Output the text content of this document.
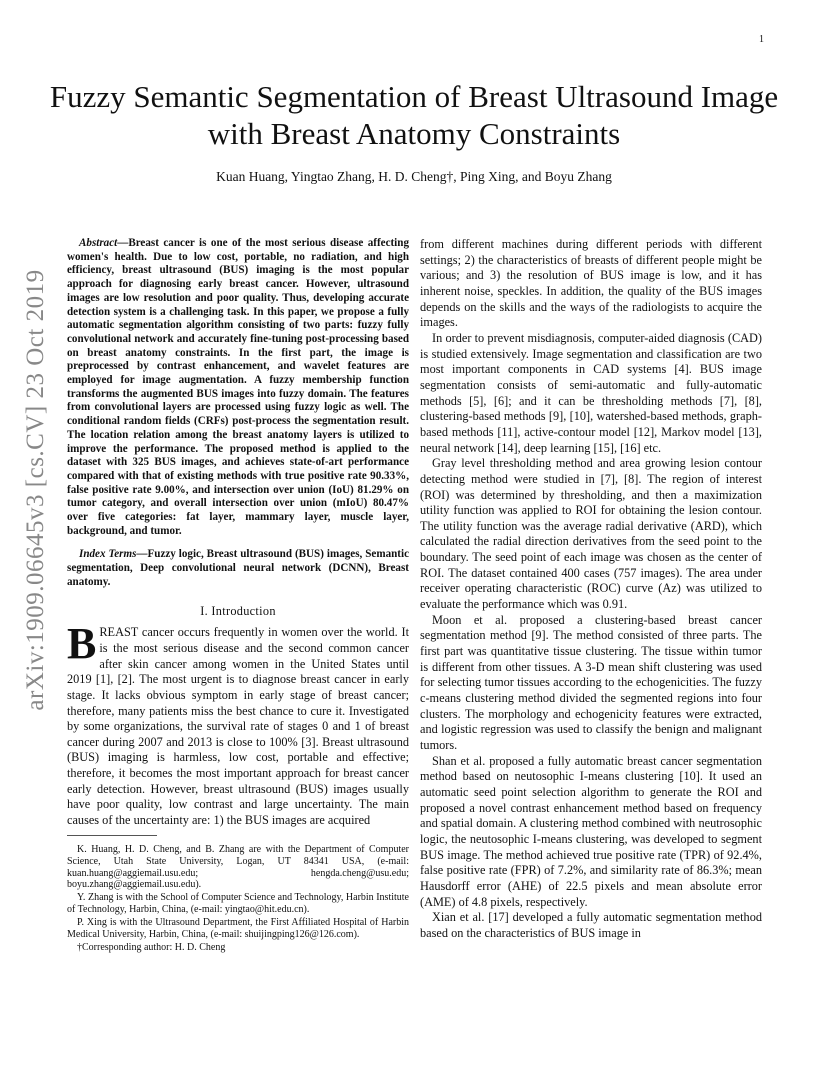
1
arXiv:1909.06645v3 [cs.CV] 23 Oct 2019
Fuzzy Semantic Segmentation of Breast Ultrasound Image with Breast Anatomy Constraints
Kuan Huang, Yingtao Zhang, H. D. Cheng†, Ping Xing, and Boyu Zhang

Abstract—Breast cancer is one of the most serious disease affecting women's health. Due to low cost, portable, no radiation, and high efficiency, breast ultrasound (BUS) imaging is the most popular approach for diagnosing early breast cancer. However, ultrasound images are low resolution and poor quality. Thus, developing accurate detection system is a challenging task. In this paper, we propose a fully automatic segmentation algorithm consisting of two parts: fuzzy fully convolutional network and accurately fine-tuning post-processing based on breast anatomy constraints. In the first part, the image is preprocessed by contrast enhancement, and wavelet features are employed for image augmentation. A fuzzy membership function transforms the augmented BUS images into fuzzy domain. The features from convolutional layers are processed using fuzzy logic as well. The conditional random fields (CRFs) post-process the segmentation result. The location relation among the breast anatomy layers is utilized to improve the performance. The proposed method is applied to the dataset with 325 BUS images, and achieves state-of-art performance compared with that of existing methods with true positive rate 90.33%, false positive rate 9.00%, and intersection over union (IoU) 81.29% on tumor category, and overall intersection over union (mIoU) 80.47% over five categories: fat layer, mammary layer, muscle layer, background, and tumor.

Index Terms—Fuzzy logic, Breast ultrasound (BUS) images, Semantic segmentation, Deep convolutional neural network (DCNN), Breast anatomy.

I. Introduction

BREAST cancer occurs frequently in women over the world. It is the most serious disease and the second common cancer after skin cancer among women in the United States until 2019 [1], [2]. The most urgent is to diagnose breast cancer in early stage. It lacks obvious symptom in early stage of breast cancer; therefore, many patients miss the best chance to cure it. Investigated by some organizations, the survival rate of stages 0 and 1 of breast cancer during 2007 and 2013 is close to 100% [3]. Breast ultrasound (BUS) imaging is harmless, low cost, portable and effective; therefore, it becomes the most important approach for breast cancer early detection. However, breast ultrasound (BUS) images usually have poor quality, low contrast and large uncertainty. The main causes of the uncertainty are: 1) the BUS images are acquired

K. Huang, H. D. Cheng, and B. Zhang are with the Department of Computer Science, Utah State University, Logan, UT 84341 USA, (e-mail: kuan.huang@aggiemail.usu.edu; hengda.cheng@usu.edu; boyu.zhang@aggiemail.usu.edu).

Y. Zhang is with the School of Computer Science and Technology, Harbin Institute of Technology, Harbin, China, (e-mail: yingtao@hit.edu.cn).

P. Xing is with the Ultrasound Department, the First Affiliated Hospital of Harbin Medical University, Harbin, China, (e-mail: shuijingping126@126.com).

†Corresponding author: H. D. Cheng

from different machines during different periods with different settings; 2) the characteristics of breasts of different people might be various; and 3) the resolution of BUS image is low, and it has inherent noise, speckles. In addition, the quality of the BUS images depends on the skills and the ways of the radiologists to acquire the images.

In order to prevent misdiagnosis, computer-aided diagnosis (CAD) is studied extensively. Image segmentation and classification are two most important components in CAD systems [4]. BUS image segmentation consists of semi-automatic and fully-automatic methods [5], [6]; and it can be thresholding methods [7], [8], clustering-based methods [9], [10], watershed-based methods, graph-based methods [11], active-contour model [12], Markov model [13], neural network [14], deep learning [15], [16] etc.

Gray level thresholding method and area growing lesion contour detecting method were studied in [7], [8]. The region of interest (ROI) was determined by thresholding, and then a maximization utility function was applied to ROI for obtaining the lesion contour. The utility function was the average radial derivative (ARD), which calculated the radial direction derivatives from the seed point to the boundary. The seed point of each image was chosen as the center of ROI. The dataset contained 400 cases (757 images). The area under receiver operating characteristic (ROC) curve (Az) was utilized to evaluate the performance which was 0.91.

Moon et al. proposed a clustering-based breast cancer segmentation method [9]. The method consisted of three parts. The first part was quantitative tissue clustering. The tissue within tumor is different from other tissues. A 3-D mean shift clustering was used for selecting tumor tissues according to the echogenicities. The fuzzy c-means clustering method divided the segmented regions into four clusters. The morphology and echogenicity features were extracted, and logistic regression was used to classify the benign and malignant tumors.

Shan et al. proposed a fully automatic breast cancer segmentation method based on neutosophic I-means clustering [10]. It used an automatic seed point selection algorithm to generate the ROI and proposed a novel contrast enhancement method based on frequency and spatial domain. A clustering method combined with neutrosophic logic, the neutosophic I-means clustering, was developed to segment BUS image. The method achieved true positive rate (TPR) of 92.4%, false positive rate (FPR) of 7.2%, and similarity rate of 86.3%; mean Hausdorff error (AHE) of 22.5 pixels and mean absolute error (AME) of 4.8 pixels, respectively.

Xian et al. [17] developed a fully automatic segmentation method based on the characteristics of BUS image in
